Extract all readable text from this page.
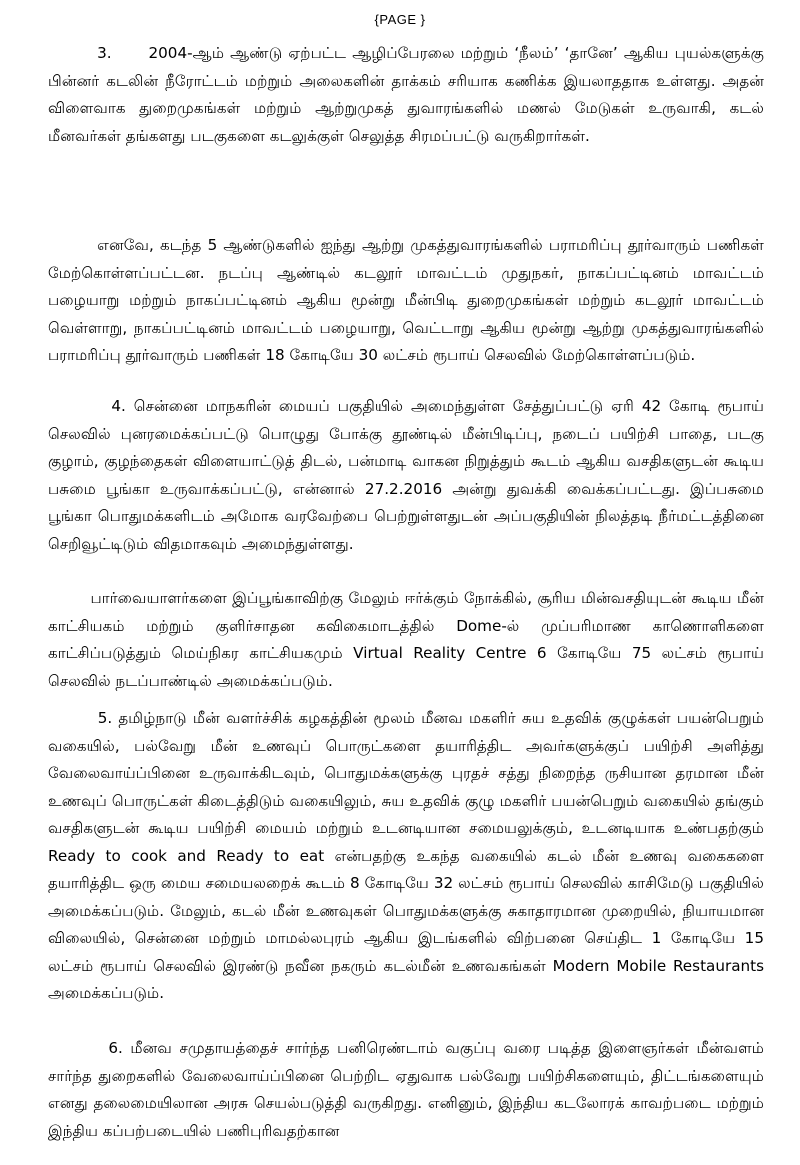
{PAGE }
3.      2004-ஆம் ஆண்டு ஏற்பட்ட ஆழிப்பேரலை மற்றும் ‘நீலம்’ ‘தானே’ ஆகிய புயல்களுக்கு பின்னர் கடலின் நீரோட்டம் மற்றும் அலைகளின் தாக்கம் சரியாக கணிக்க இயலாததாக உள்ளது. அதன் விளைவாக துறைமுகங்கள் மற்றும் ஆற்றுமுகத் துவாரங்களில் மணல் மேடுகள் உருவாகி, கடல் மீனவர்கள் தங்களது படகுகளை கடலுக்குள் செலுத்த சிரமப்பட்டு வருகிறார்கள்.
எனவே, கடந்த 5 ஆண்டுகளில் ஐந்து ஆற்று முகத்துவாரங்களில் பராமரிப்பு தூர்வாரும் பணிகள் மேற்கொள்ளப்பட்டன. நடப்பு ஆண்டில் கடலூர் மாவட்டம் முதுநகர், நாகப்பட்டினம் மாவட்டம் பழையாறு மற்றும் நாகப்பட்டினம் ஆகிய மூன்று மீன்பிடி துறைமுகங்கள் மற்றும் கடலூர் மாவட்டம் வெள்ளாறு, நாகப்பட்டினம் மாவட்டம் பழையாறு, வெட்டாறு ஆகிய மூன்று ஆற்று முகத்துவாரங்களில் பராமரிப்பு தூர்வாரும் பணிகள் 18 கோடியே 30 லட்சம் ரூபாய் செலவில் மேற்கொள்ளப்படும்.
4. சென்னை மாநகரின் மையப் பகுதியில் அமைந்துள்ள சேத்துப்பட்டு ஏரி 42 கோடி ரூபாய் செலவில் புனரமைக்கப்பட்டு பொழுது போக்கு தூண்டில் மீன்பிடிப்பு, நடைப் பயிற்சி பாதை, படகு குழாம், குழந்தைகள் விளையாட்டுத் திடல், பன்மாடி வாகன நிறுத்தும் கூடம் ஆகிய வசதிகளுடன் கூடிய பசுமை பூங்கா உருவாக்கப்பட்டு, என்னால் 27.2.2016 அன்று துவக்கி வைக்கப்பட்டது. இப்பசுமை பூங்கா பொதுமக்களிடம் அமோக வரவேற்பை பெற்றுள்ளதுடன் அப்பகுதியின் நிலத்தடி நீர்மட்டத்தினை செறிவூட்டிடும் விதமாகவும் அமைந்துள்ளது.
பார்வையாளர்களை இப்பூங்காவிற்கு மேலும் ஈர்க்கும் நோக்கில், சூரிய மின்வசதியுடன் கூடிய மீன் காட்சியகம் மற்றும் குளிர்சாதன கவிகைமாடத்தில் Dome-ல் முப்பரிமாண காணொளிகளை காட்சிப்படுத்தும் மெய்நிகர காட்சியகமும் Virtual Reality Centre 6 கோடியே 75 லட்சம் ரூபாய் செலவில் நடப்பாண்டில் அமைக்கப்படும்.
5. தமிழ்நாடு மீன் வளர்ச்சிக் கழகத்தின் மூலம் மீனவ மகளிர் சுய உதவிக் குழுக்கள் பயன்பெறும் வகையில், பல்வேறு மீன் உணவுப் பொருட்களை தயாரித்திட அவர்களுக்குப் பயிற்சி அளித்து வேலைவாய்ப்பினை உருவாக்கிடவும், பொதுமக்களுக்கு புரதச் சத்து நிறைந்த ருசியான தரமான மீன் உணவுப் பொருட்கள் கிடைத்திடும் வகையிலும், சுய உதவிக் குழு மகளிர் பயன்பெறும் வகையில் தங்கும் வசதிகளுடன் கூடிய பயிற்சி மையம் மற்றும் உடனடியான சமையலுக்கும், உடனடியாக உண்பதற்கும் Ready to cook and Ready to eat என்பதற்கு உகந்த வகையில் கடல் மீன் உணவு வகைகளை தயாரித்திட ஒரு மைய சமையலறைக் கூடம் 8 கோடியே 32 லட்சம் ரூபாய் செலவில் காசிமேடு பகுதியில் அமைக்கப்படும். மேலும், கடல் மீன் உணவுகள் பொதுமக்களுக்கு சுகாதாரமான முறையில், நியாயமான விலையில், சென்னை மற்றும் மாமல்லபுரம் ஆகிய இடங்களில் விற்பனை செய்திட 1 கோடியே 15 லட்சம் ரூபாய் செலவில் இரண்டு நவீன நகரும் கடல்மீன் உணவகங்கள் Modern Mobile Restaurants அமைக்கப்படும்.
6. மீனவ சமுதாயத்தைச் சார்ந்த பனிரெண்டாம் வகுப்பு வரை படித்த இளைஞர்கள் மீன்வளம் சார்ந்த துறைகளில் வேலைவாய்ப்பினை பெற்றிட ஏதுவாக பல்வேறு பயிற்சிகளையும், திட்டங்களையும் எனது தலைமையிலான அரசு செயல்படுத்தி வருகிறது. எனினும், இந்திய கடலோரக் காவற்படை மற்றும் இந்திய கப்பற்படையில் பணிபுரிவதற்கான
